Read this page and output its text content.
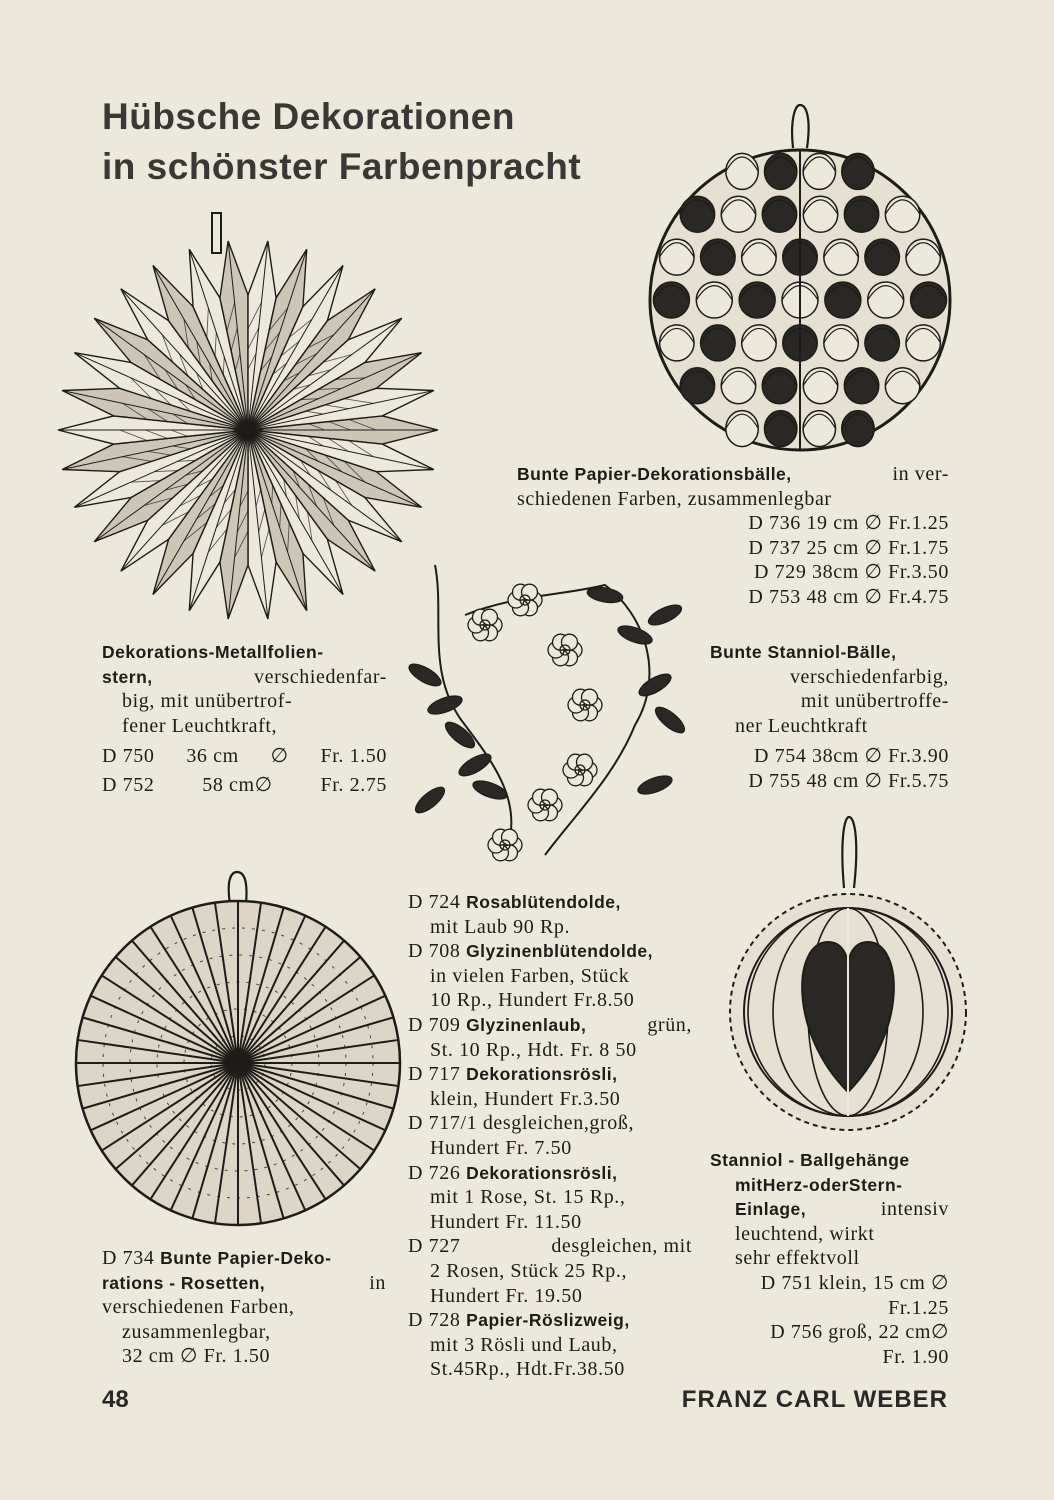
Hübsche Dekorationen
in schönster Farbenpracht
Dekorations-Metallfolien-
stern,	verschiedenfar-
big, mit unübertrof-
fener Leuchtkraft,
D 750 36 cm ∅ Fr. 1.50
D 752 58 cm∅ Fr. 2.75
Bunte Papier-Dekorationsbälle,	in ver-
schiedenen Farben, zusammenlegbar
D 736 19 cm ∅ Fr.1.25
D 737 25 cm ∅ Fr.1.75
D 729 38cm ∅ Fr.3.50
D 753 48 cm ∅ Fr.4.75
Bunte Stanniol-Bälle,
verschiedenfarbig,
mit unübertroffe-
ner Leuchtkraft
D 754 38cm ∅ Fr.3.90
D 755 48 cm ∅ Fr.5.75
D 734 Bunte Papier-Deko-
rations - Rosetten,	in
verschiedenen Farben,
zusammenlegbar,
32 cm ∅ Fr. 1.50
D 724 Rosablütendolde,
mit Laub 90 Rp.
D 708 Glyzinenblütendolde,
in vielen Farben, Stück
10 Rp., Hundert Fr.8.50
D 709 Glyzinenlaub,	grün,
St. 10 Rp., Hdt. Fr. 8 50
D 717 Dekorationsrösli,
klein, Hundert Fr.3.50
D 717/1 desgleichen,groß,
Hundert Fr. 7.50
D 726 Dekorationsrösli,
mit 1 Rose, St. 15 Rp.,
Hundert Fr. 11.50
D 727	desgleichen, mit
2 Rosen, Stück 25 Rp.,
Hundert Fr. 19.50
D 728 Papier-Röslizweig,
mit 3 Rösli und Laub,
St.45Rp., Hdt.Fr.38.50
Stanniol - Ballgehänge
mitHerz-oderStern-
Einlage,	intensiv
leuchtend, wirkt
sehr effektvoll
D 751 klein, 15 cm ∅
Fr.1.25
D 756 groß, 22 cm∅
Fr. 1.90
48	FRANZ CARL WEBER
